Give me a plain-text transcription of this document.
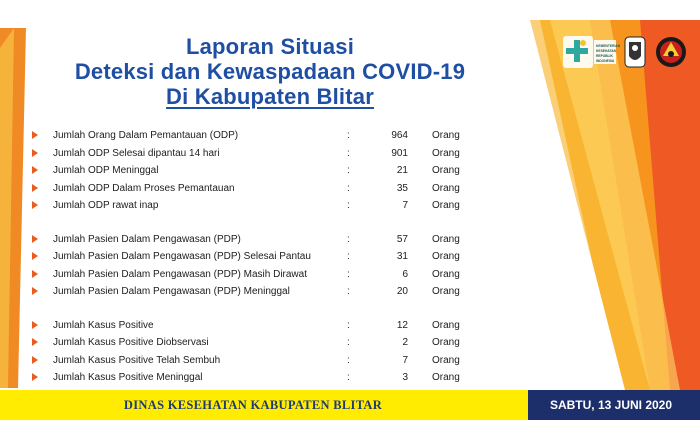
KEMENTERIAN
KESEHATAN
REPUBLIK
INDONESIA

Laporan Situasi

Deteksi dan Kewaspadaan COVID-19

Di Kabupaten Blitar

Jumlah Orang Dalam Pemantauan (ODP)	:	964 Orang
Jumlah ODP Selesai dipantau 14 hari	:	901 Orang
Jumlah ODP Meninggal	:	21 Orang
Jumlah ODP Dalam Proses Pemantauan	:	35 Orang
Jumlah ODP rawat inap	:	7 Orang
Jumlah Pasien Dalam Pengawasan (PDP)	:	57 Orang
Jumlah Pasien Dalam Pengawasan (PDP) Selesai Pantau	:	31 Orang
Jumlah Pasien Dalam Pengawasan (PDP) Masih Dirawat	:	6 Orang
Jumlah Pasien Dalam Pengawasan (PDP) Meninggal	:	20 Orang
Jumlah Kasus Positive	:	12 Orang
Jumlah Kasus Positive Diobservasi	:	2 Orang
Jumlah Kasus Positive Telah Sembuh	:	7 Orang
Jumlah Kasus Positive Meninggal	:	3 Orang
DINAS KESEHATAN KABUPATEN BLITAR	SABTU, 13 JUNI 2020
